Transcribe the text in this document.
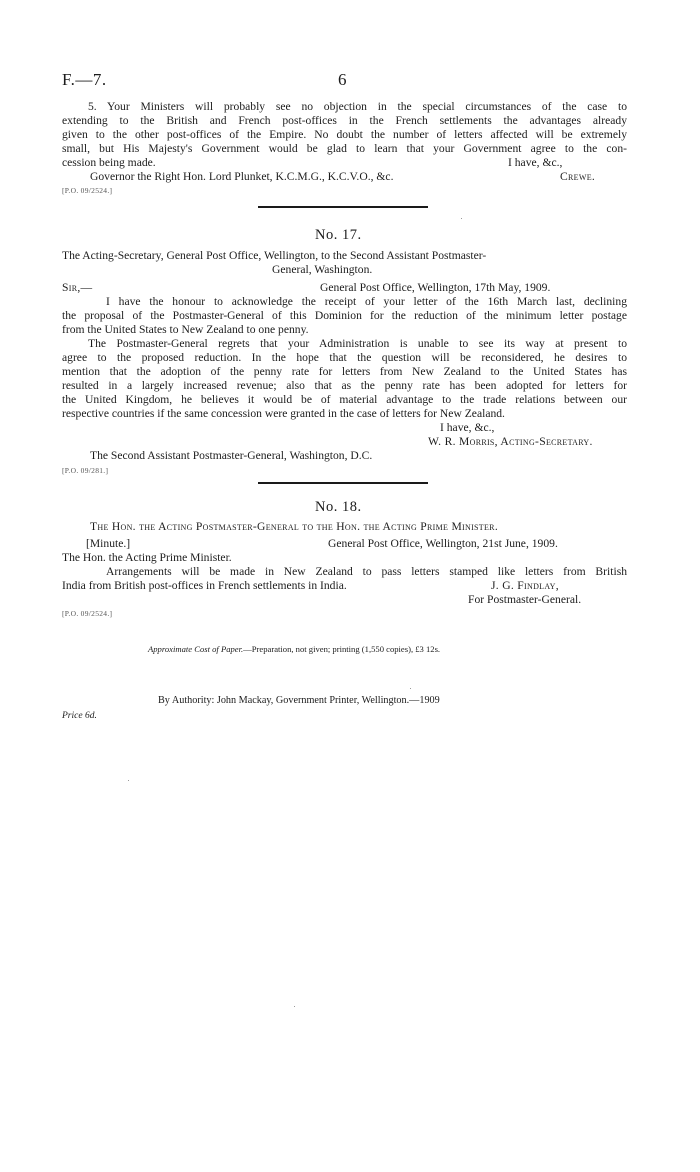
F.—7.	6
5. Your Ministers will probably see no objection in the special circumstances of the case to
extending to the British and French post-offices in the French settlements the advantages already
given to the other post-offices of the Empire. No doubt the number of letters affected will be extremely
small, but His Majesty's Government would be glad to learn that your Government agree to the con-
cession being made.	I have, &c.,
Governor the Right Hon. Lord Plunket, K.C.M.G., K.C.V.O., &c.	Crewe.
[P.O. 09/2524.]
No. 17.
The Acting-Secretary, General Post Office, Wellington, to the Second Assistant Postmaster-
General, Washington.
Sir,—	General Post Office, Wellington, 17th May, 1909.
I have the honour to acknowledge the receipt of your letter of the 16th March last, declining
the proposal of the Postmaster-General of this Dominion for the reduction of the minimum letter postage
from the United States to New Zealand to one penny.
The Postmaster-General regrets that your Administration is unable to see its way at present to
agree to the proposed reduction. In the hope that the question will be reconsidered, he desires to
mention that the adoption of the penny rate for letters from New Zealand to the United States has
resulted in a largely increased revenue; also that as the penny rate has been adopted for letters for
the United Kingdom, he believes it would be of material advantage to the trade relations between our
respective countries if the same concession were granted in the case of letters for New Zealand.
I have, &c.,
W. R. Morris, Acting-Secretary.
The Second Assistant Postmaster-General, Washington, D.C.
[P.O. 09/281.]
No. 18.
The Hon. the Acting Postmaster-General to the Hon. the Acting Prime Minister.
[Minute.]	General Post Office, Wellington, 21st June, 1909.
The Hon. the Acting Prime Minister.
Arrangements will be made in New Zealand to pass letters stamped like letters from British
India from British post-offices in French settlements in India.	J. G. Findlay,
For Postmaster-General.
[P.O. 09/2524.]
Approximate Cost of Paper.—Preparation, not given; printing (1,550 copies), £3 12s.
By Authority: John Mackay, Government Printer, Wellington.—1909
Price 6d.
